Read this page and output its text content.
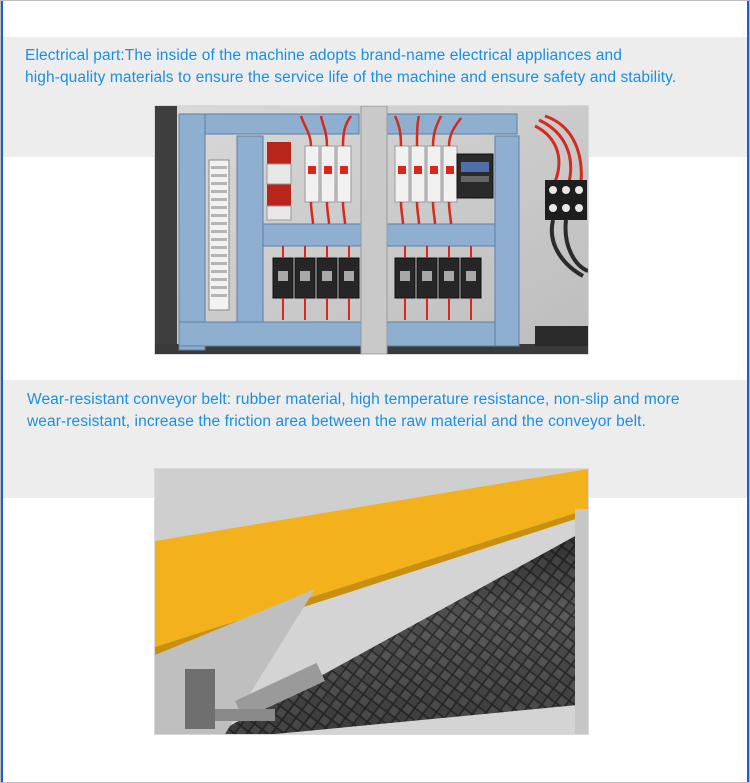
Electrical part:The inside of the machine adopts brand-name electrical appliances and
high-quality materials to ensure the service life of the machine and ensure safety and stability.
Wear-resistant conveyor belt: rubber material, high temperature resistance, non-slip and more
wear-resistant, increase the friction area between the raw material and the conveyor belt.
